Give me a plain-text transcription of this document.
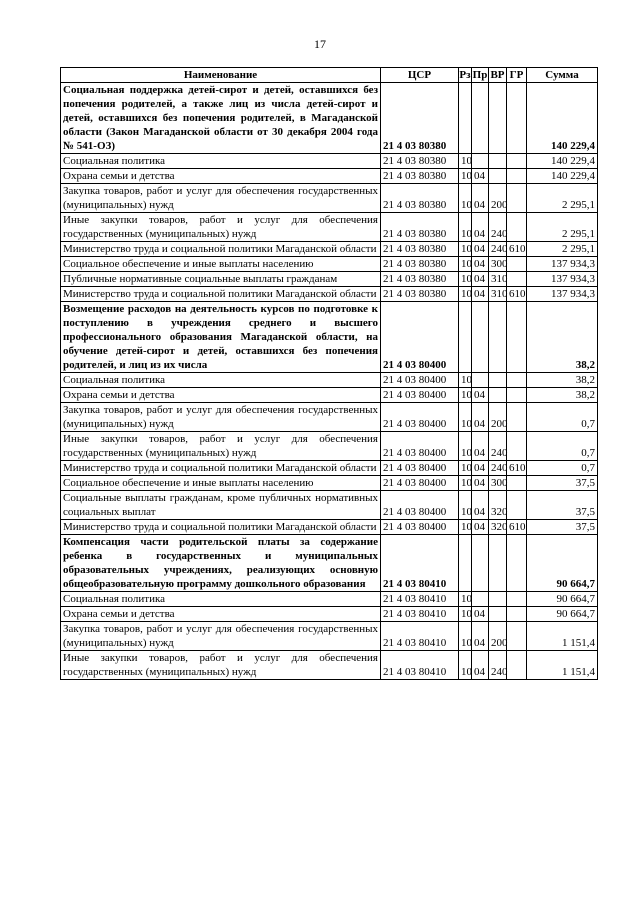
17
Наименование	ЦСР	Рз	Пр	ВР	ГР	Сумма
Социальная поддержка детей-сирот и детей, оставшихся без попечения родителей, а также лиц из числа детей-сирот и детей, оставшихся без попечения родителей, в Магаданской области (Закон Магаданской области от 30 декабря 2004 года № 541-ОЗ)	21 4 03 80380					140 229,4
Социальная политика	21 4 03 80380	10				140 229,4
Охрана семьи и детства	21 4 03 80380	10	04			140 229,4
Закупка товаров, работ и услуг для обеспечения государственных (муниципальных) нужд	21 4 03 80380	10	04	200		2 295,1
Иные закупки товаров, работ и услуг для обеспечения государственных (муниципальных) нужд	21 4 03 80380	10	04	240		2 295,1
Министерство труда и социальной политики Магаданской области	21 4 03 80380	10	04	240	610	2 295,1
Социальное обеспечение и иные выплаты населению	21 4 03 80380	10	04	300		137 934,3
Публичные нормативные социальные выплаты гражданам	21 4 03 80380	10	04	310		137 934,3
Министерство труда и социальной политики Магаданской области	21 4 03 80380	10	04	310	610	137 934,3
Возмещение расходов на деятельность курсов по подготовке к поступлению в учреждения среднего и высшего профессионального образования Магаданской области, на обучение детей-сирот и детей, оставшихся без попечения родителей, и лиц из их числа	21 4 03 80400					38,2
Социальная политика	21 4 03 80400	10				38,2
Охрана семьи и детства	21 4 03 80400	10	04			38,2
Закупка товаров, работ и услуг для обеспечения государственных (муниципальных) нужд	21 4 03 80400	10	04	200		0,7
Иные закупки товаров, работ и услуг для обеспечения государственных (муниципальных) нужд	21 4 03 80400	10	04	240		0,7
Министерство труда и социальной политики Магаданской области	21 4 03 80400	10	04	240	610	0,7
Социальное обеспечение и иные выплаты населению	21 4 03 80400	10	04	300		37,5
Социальные выплаты гражданам, кроме публичных нормативных социальных выплат	21 4 03 80400	10	04	320		37,5
Министерство труда и социальной политики Магаданской области	21 4 03 80400	10	04	320	610	37,5
Компенсация части родительской платы за содержание ребенка в государственных и муниципальных образовательных учреждениях, реализующих основную общеобразовательную программу дошкольного образования	21 4 03 80410					90 664,7
Социальная политика	21 4 03 80410	10				90 664,7
Охрана семьи и детства	21 4 03 80410	10	04			90 664,7
Закупка товаров, работ и услуг для обеспечения государственных (муниципальных) нужд	21 4 03 80410	10	04	200		1 151,4
Иные закупки товаров, работ и услуг для обеспечения государственных (муниципальных) нужд	21 4 03 80410	10	04	240		1 151,4
